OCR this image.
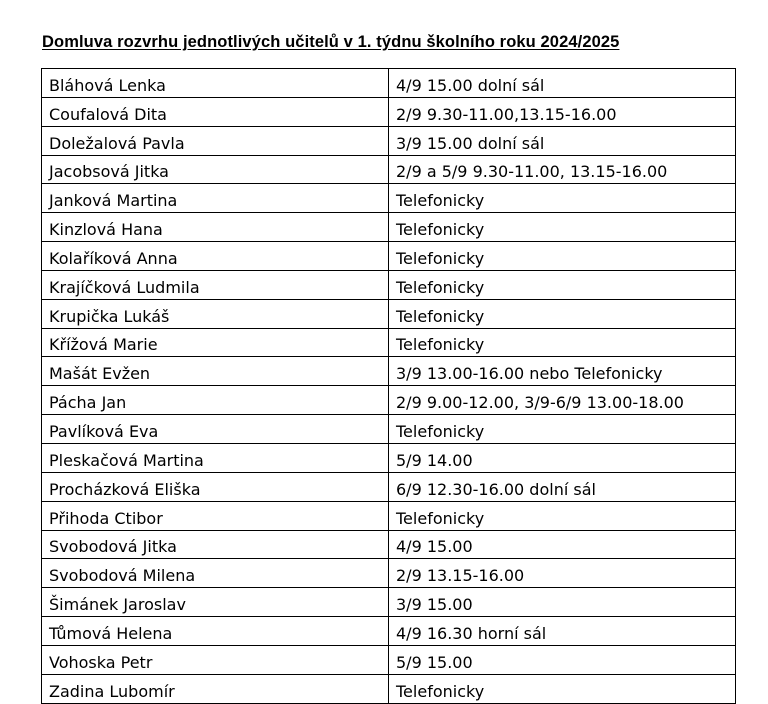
Domluva rozvrhu jednotlivých učitelů v 1. týdnu školního roku 2024/2025
Bláhová Lenka	4/9 15.00 dolní sál
Coufalová Dita	2/9 9.30-11.00,13.15-16.00
Doležalová Pavla	3/9 15.00 dolní sál
Jacobsová Jitka	2/9 a 5/9 9.30-11.00, 13.15-16.00
Janková Martina	Telefonicky
Kinzlová Hana	Telefonicky
Kolaříková Anna	Telefonicky
Krajíčková Ludmila	Telefonicky
Krupička Lukáš	Telefonicky
Křížová Marie	Telefonicky
Mašát Evžen	3/9 13.00-16.00 nebo Telefonicky
Pácha Jan	2/9 9.00-12.00, 3/9-6/9 13.00-18.00
Pavlíková Eva	Telefonicky
Pleskačová Martina	5/9 14.00
Procházková Eliška	6/9 12.30-16.00 dolní sál
Přihoda Ctibor	Telefonicky
Svobodová Jitka	4/9 15.00
Svobodová Milena	2/9 13.15-16.00
Šimánek Jaroslav	3/9 15.00
Tůmová Helena	4/9 16.30 horní sál
Vohoska Petr	5/9 15.00
Zadina Lubomír	Telefonicky
